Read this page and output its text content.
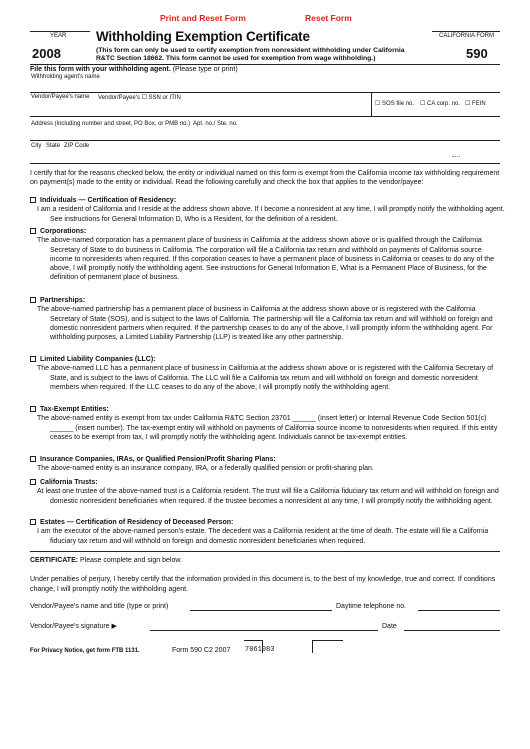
Print and Reset Form	Reset Form
YEAR
2008
Withholding Exemption Certificate
(This form can only be used to certify exemption from nonresident withholding under California
R&TC Section 18662. This form cannot be used for exemption from wage withholding.)
CALIFORNIA FORM
590
File this form with your withholding agent. (Please type or print)
Withholding agent's name
Vendor/Payee's name Vendor/Payee's ☐ SSN or ITIN
☐ SOS file no. ☐ CA corp. no. ☐ FEIN
Address (including number and street, PO Box, or PMB no.) Apt. no./ Ste. no.
City State ZIP Code
I certify that for the reasons checked below, the entity or individual named on this form is exempt from the California income tax withholding requirement on payment(s) made to the entity or individual. Read the following carefully and check the box that applies to the vendor/payee:
Individuals — Certification of Residency:
I am a resident of California and I reside at the address shown above. If I become a nonresident at any time, I will promptly notify the withholding agent. See instructions for General Information D, Who is a Resident, for the definition of a resident.
Corporations:
The above-named corporation has a permanent place of business in California at the address shown above or is qualified through the California Secretary of State to do business in California. The corporation will file a California tax return and withhold on payments of California source income to nonresidents when required. If this corporation ceases to have a permanent place of business in California or ceases to do any of the above, I will promptly notify the withholding agent. See instructions for General Information E, What is a Permanent Place of Business, for the definition of permanent place of business.
Partnerships:
The above-named partnership has a permanent place of business in California at the address shown above or is registered with the California Secretary of State (SOS), and is subject to the laws of California. The partnership will file a California tax return and will withhold on foreign and domestic nonresident partners when required. If the partnership ceases to do any of the above, I will promptly inform the withholding agent. For withholding purposes, a Limited Liability Partnership (LLP) is treated like any other partnership.
Limited Liability Companies (LLC):
The above-named LLC has a permanent place of business in California at the address shown above or is registered with the California Secretary of State, and is subject to the laws of California. The LLC will file a California tax return and will withhold on foreign and domestic nonresident members when required. If the LLC ceases to do any of the above, I will promptly notify the withholding agent.
Tax-Exempt Entities:
The above-named entity is exempt from tax under California R&TC Section 23701 ______ (insert letter) or Internal Revenue Code Section 501(c) ______ (insert number). The tax-exempt entity will withhold on payments of California source income to nonresidents when required. If this entity ceases to be exempt from tax, I will promptly notify the withholding agent. Individuals cannot be tax-exempt entities.
Insurance Companies, IRAs, or Qualified Pension/Profit Sharing Plans:
The above-named entity is an insurance company, IRA, or a federally qualified pension or profit-sharing plan.
California Trusts:
At least one trustee of the above-named trust is a California resident. The trust will file a California fiduciary tax return and will withhold on foreign and domestic nonresident beneficiaries when required. If the trustee becomes a nonresident at any time, I will promptly notify the withholding agent.
Estates — Certification of Residency of Deceased Person:
I am the executor of the above-named person's estate. The decedent was a California resident at the time of death. The estate will file a California fiduciary tax return and will withhold on foreign and domestic nonresident beneficiaries when required.
CERTIFICATE: Please complete and sign below.
Under penalties of perjury, I hereby certify that the information provided in this document is, to the best of my knowledge, true and correct. If conditions change, I will promptly notify the withholding agent.
Vendor/Payee's name and title (type or print)	Daytime telephone no.
Vendor/Payee's signature ▶	Date
For Privacy Notice, get form FTB 1131.	Form 590 C2 2007 7061083
